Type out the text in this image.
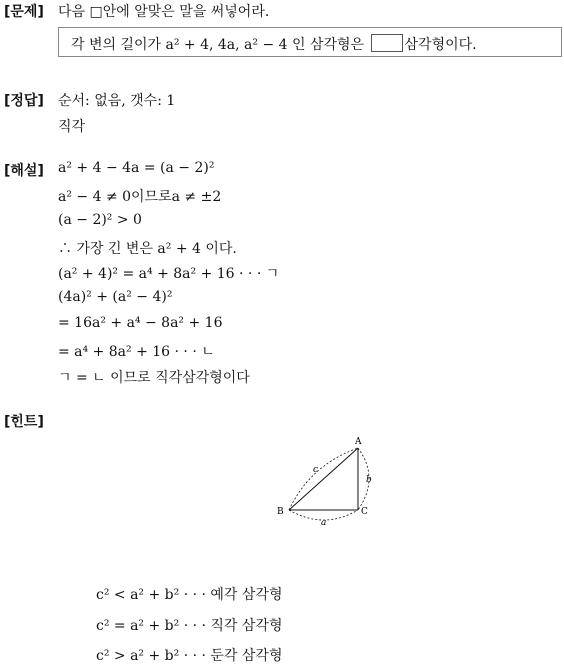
[문제] 다음 □안에 알맞은 말을 써넣어라.
각 변의 길이가 a² + 4, 4a, a² − 4 인 삼각형은	삼각형이다.
[정답] 순서: 없음, 갯수: 1
직각
[해설] a² + 4 − 4a = (a − 2)²
a² − 4 ≠ 0이므로a ≠ ±2
(a − 2)² > 0
∴ 가장 긴 변은 a² + 4 이다.
(a² + 4)² = a⁴ + 8a² + 16 · · · ㄱ
(4a)² + (a² − 4)²
= 16a² + a⁴ − 8a² + 16
= a⁴ + 8a² + 16 · · · ㄴ
ㄱ = ㄴ 이므로 직각삼각형이다
[힌트]
A
B	C
c
a
b
c² < a² + b² · · · 예각 삼각형
c² = a² + b² · · · 직각 삼각형
c² > a² + b² · · · 둔각 삼각형
